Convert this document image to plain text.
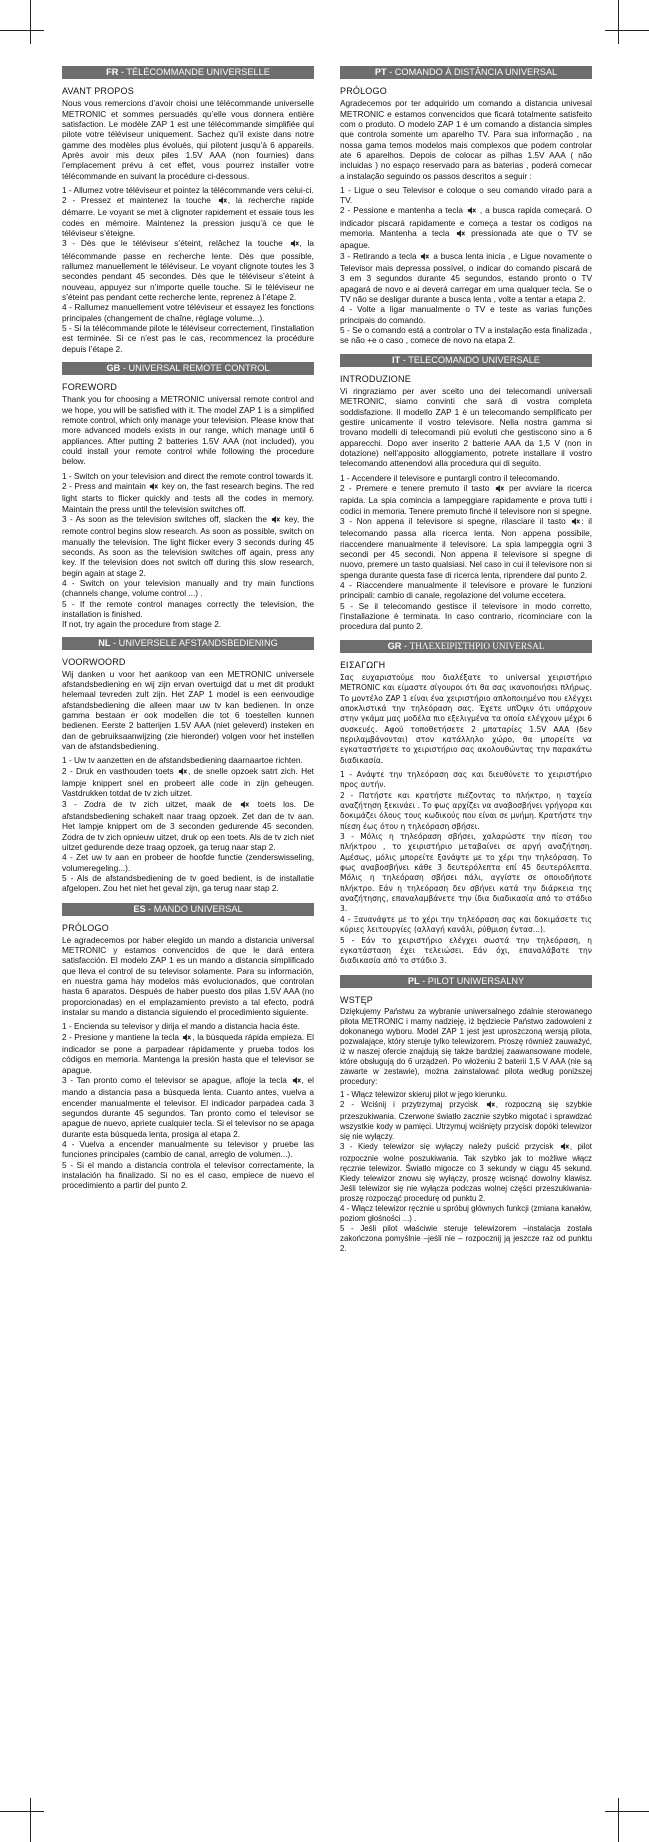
FR - TÉLÉCOMMANDE UNIVERSELLE
AVANT PROPOS

Nous vous remercions d’avoir choisi une télécommande universelle METRONIC et sommes persuadés qu’elle vous donnera entière satisfaction. Le modèle ZAP 1 est une télécommande simplifiée qui pilote votre téléviseur uniquement. Sachez qu’il existe dans notre gamme des modèles plus évolués, qui pilotent jusqu’à 6 appareils. Après avoir mis deux piles 1.5V AAA (non fournies) dans l’emplacement prévu à cet effet, vous pourrez installer votre télécommande en suivant la procédure ci-dessous.

1 - Allumez votre téléviseur et pointez la télécommande vers celui-ci.
2 - Pressez et maintenez la touche , la recherche rapide démarre. Le voyant se met à clignoter rapidement et essaie tous les codes en mémoire. Maintenez la pression jusqu’à ce que le téléviseur s’éteigne.
3 - Dès que le téléviseur s’éteint, relâchez la touche , la télécommande passe en recherche lente. Dès que possible, rallumez manuellement le téléviseur. Le voyant clignote toutes les 3 secondes pendant 45 secondes. Dès que le téléviseur s’éteint à nouveau, appuyez sur n’importe quelle touche. Si le téléviseur ne s’éteint pas pendant cette recherche lente, reprenez à l’étape 2.
4 - Rallumez manuellement votre téléviseur et essayez les fonctions principales (changement de chaîne, réglage volume...).
5 - Si la télécommande pilote le téléviseur correctement, l’installation est terminée. Si ce n’est pas le cas, recommencez la procédure depuis l’étape 2.
GB - UNIVERSAL REMOTE CONTROL
FOREWORD

Thank you for choosing a METRONIC universal remote control and we hope, you will be satisfied with it. The model ZAP 1 is a simplified remote control, which only manage your television. Please know that more advanced models exists in our range, which manage until 6 appliances. After putting 2 batteries 1.5V AAA (not included), you could install your remote control while following the procedure below.

1 - Switch on your television and direct the remote control towards it.
2 - Press and maintain key on, the fast research begins. The red light starts to flicker quickly and tests all the codes in memory. Maintain the press until the television switches off.
3 - As soon as the television switches off, slacken the key, the remote control begins slow research. As soon as possible, switch on manually the television. The light flicker every 3 seconds during 45 seconds. As soon as the television switches off again, press any key. If the television does not switch off during this slow research, begin again at stage 2.
4 - Switch on your television manually and try main functions (channels change, volume control ...) .
5 - If the remote control manages correctly the television, the installation is finished.
If not, try again the procedure from stage 2.
NL - UNIVERSELE AFSTANDSBEDIENING
VOORWOORD

Wij danken u voor het aankoop van een METRONIC universele afstandsbediening en wij zijn ervan overtuigd dat u met dit produkt helemaal tevreden zult zijn. Het ZAP 1 model is een eenvoudige afstandsbediening die alleen maar uw tv kan bedienen. In onze gamma bestaan er ook modellen die tot 6 toestellen kunnen bedienen. Eerste 2 batterijen 1.5V AAA (niet geleverd) insteken en dan de gebruiksaanwijzing (zie hieronder) volgen voor het instellen van de afstandsbediening.

1 - Uw tv aanzetten en de afstandsbediening daarnaartoe richten.
2 - Druk en vasthouden toets , de snelle opzoek satrt zich. Het lampje knippert snel en probeert alle code in zijn geheugen. Vastdrukken totdat de tv zich uitzet.
3 - Zodra de tv zich uitzet, maak de	toets los. De afstandsbediening schakelt naar traag opzoek. Zet dan de tv aan. Het lampje knippert om de 3 seconden gedurende 45 seconden. Zodra de tv zich opnieuw uitzet, druk op een toets. Als de tv zich niet uitzet gedurende deze traag opzoek, ga terug naar stap 2.
4 - Zet uw tv aan en probeer de hoofde functie (zenderswisseling, volumeregeling...).
5 - Als de afstandsbediening de tv goed bedient, is de installatie afgelopen. Zou het niet het geval zijn, ga terug naar stap 2.
ES - MANDO UNIVERSAL
PRÓLOGO

Le agradecemos por haber elegido un mando a distancia universal METRONIC y estamos convencidos de que le dará entera satisfacción. El modelo ZAP 1 es un mando a distancia simplificado que lleva el control de su televisor solamente. Para su información, en nuestra gama hay modelos más evolucionados, que controlan hasta 6 aparatos. Después de haber puesto dos pilas 1.5V AAA (no proporcionadas) en el emplazamiento previsto a tal efecto, podrá instalar su mando a distancia siguiendo el procedimiento siguiente.

1 - Encienda su televisor y dirija el mando a distancia hacia éste.
2 - Presione y mantiene la tecla , la búsqueda rápida empieza. El indicador se pone a parpadear rápidamente y prueba todos los códigos en memoria. Mantenga la presión hasta que el televisor se apague.
3 - Tan pronto como el televisor se apague, afloje la tecla , el mando a distancia pasa a búsqueda lenta. Cuanto antes, vuelva a encender manualmente el televisor. El indicador parpadea cada 3 segundos durante 45 segundos. Tan pronto como el televisor se apague de nuevo, apriete cualquier tecla. Si el televisor no se apaga durante esta búsqueda lenta, prosiga al etapa 2.
4 - Vuelva a encender manualmente su televisor y pruebe las funciones principales (cambio de canal, arreglo de volumen...).
5 - Si el mando a distancia controla el televisor correctamente, la instalación ha finalizado. Si no es el caso, empiece de nuevo el procedimiento a partir del punto 2.
PT - COMANDO À DISTÂNCIA UNIVERSAL
PRÓLOGO

Agradecemos por ter adquirido um comando a distancia univesal METRONIC e estamos convencidos que ficará totalmente satisfeito com o produto. O modelo ZAP 1 é um comando a distancia simples que controla somente um aparelho TV. Para sua informação , na nossa gama temos modelos mais complexos que podem controlar ate 6 aparelhos. Depois de colocar as pilhas 1.5V AAA ( não incluidas ) no espaço reservado para as baterias , poderá comecar a instalação seguindo os passos descritos a seguir :

1 - Ligue o seu Televisor e coloque o seu comando virado para a TV.
2 - Pessione e mantenha a tecla , a busca rapida começará. O indicador piscará rapidamente e começa a testar os codigos na memoria. Mantenha a tecla	pressionada ate que o TV se apague.
3 - Retirando a tecla a busca lenta inicia , e Ligue novamente o Televisor mais depressa possível, o indicar do comando piscará de 3 em 3 segundos durante 45 segundos, estando pronto o TV apagará de novo e ai deverá carregar em uma qualquer tecla. Se o TV não se desligar durante a busca lenta , volte a tentar a etapa 2.
4 - Volte a ligar manualmente o TV e teste as varias funções principais do comando.
5 - Se o comando está a controlar o TV a instalação esta finalizada , se não +e o caso , comece de novo na etapa 2.
IT - TELECOMANDO UNIVERSALE
INTRODUZIONE

Vi ringraziamo per aver scelto uno dei telecomandi universali METRONIC, siamo convinti che sarà di vostra completa soddisfazione. Il modello ZAP 1 è un telecomando semplificato per gestire unicamente il vostro televisore. Nella nostra gamma si trovano modelli di telecomandi più evoluti che gestiscono sino a 6 apparecchi. Dopo aver inserito 2 batterie AAA da 1,5 V (non in dotazione) nell’apposito alloggiamento, potrete installare il vostro telecomando attenendovi alla procedura qui di seguito.

1 - Accendere il televisore e puntargli contro il telecomando.
2 - Premere e tenere premuto il tasto per avviare la ricerca rapida. La spia comincia a lampeggiare rapidamente e prova tutti i codici in memoria. Tenere premuto finché il televisore non si spegne.
3 - Non appena il televisore si spegne, rilasciare il tasto : il telecomando passa alla ricerca lenta. Non appena possibile, riaccendere manualmente il televisore. La spia lampeggia ogni 3 secondi per 45 secondi. Non appena il televisore si spegne di nuovo, premere un tasto qualsiasi. Nel caso in cui il televisore non si spenga durante questa fase di ricerca lenta, riprendere dal punto 2.
4 - Riaccendere manualmente il televisore e provare le funzioni principali: cambio di canale, regolazione del volume eccetera.
5 - Se il telecomando gestisce il televisore in modo corretto, l’installazione è terminata. In caso contrario, ricominciare con la procedura dal punto 2.
GR - ΤΗΛΕΧΕΙΡΙΣΤΗΡΙΟ UNIVERSAL
ΕΙΣΑΓΩΓΗ

Σας ευχαριστούμε που διαλέξατε το universal χειριστήριο METRONIC και είμαστε σίγουροι ότι θα σας ικανοποιήσει πλήρως. Το μοντέλο ZAP 1 είναι ένα χειριστήριο απλοποιημένο που ελέγχει αποκλιστικά την τηλεόραση σας. Έχετε υπΌψιν ότι υπάρχουν στην γκάμα μας μοδέλα πιο εξελιγμένα τα οποία ελέγχουν μέχρι 6 συσκευές. Αφού τοποθετήσετε 2 μπαταρίες 1.5V AAA (δεν περιλαμβάνονται) στον κατάλληλο χώρο, θα μπορείτε να εγκαταστήσετε το χειριστήριο σας ακολουθώντας την παρακάτω διαδικασία.

1 - Ανάψτε την τηλεόραση σας και διευθύνετε το χειριστήριο προς αυτήν.
2 - Πατήστε και κρατήστε πιέζοντας το πλήκτρο, η ταχεία αναζήτηση ξεκινάει . Το φως αρχίζει να αναβοσβήνει γρήγορα και δοκιμάζει όλους τους κωδικούς που είναι σε μνήμη. Κρατήστε την πίεση έως ότου η τηλεόραση σβήσει.
3 - Μόλις η τηλεόραση σβήσει, χαλαρώστε την πίεση του πλήκτρου , το χειριστήριο μεταβαίνει σε αργή αναζήτηση. Αμέσως, μόλις μπορείτε ξανάψτε με το χέρι την τηλεόραση. Το φως αναβοσβήνει κάθε 3 δευτερόλεπτα επί 45 δευτερόλεπτα. Μόλις η τηλεόραση σβήσει πάλι, αγγίστε σε οποιοδήποτε πλήκτρο. Εάν η τηλεόραση δεν σβήνει κατά την διάρκεια της αναζήτησης, επαναλαμβάνετε την ίδια διαδικασία από το στάδιο 3.
4 - Ξανανάψτε με το χέρι την τηλεόραση σας και δοκιμάσετε τις κύριες λειτουργίες (αλλαγή κανάλι, ρύθμιση έντασ...).
5 - Εάν το χειριστήριο ελέγχει σωστά την τηλεόραση, η εγκατάσταση έχει τελειώσει. Εάν όχι, επαναλάβατε την διαδικασία από το στάδιο 3.
PL - PILOT UNIWERSALNY
WSTĘP

Dziękujemy Państwu za wybranie uniwersalnego zdalnie sterowanego pilota METRONIC i mamy nadzieję, iż będziecie Państwo zadowoleni z dokonanego wyboru. Model ZAP 1 jest jest uproszczoną wersją pilota, pozwalające, który steruje tylko telewizorem. Proszę również zauważyć, iż w naszej ofercie znajdują się także bardziej zaawansowane modele, które obsługują do 6 urządzeń. Po włożeniu 2 baterii 1,5 V AAA (nie są zawarte w zestawie), można zainstalować pilota według poniższej procedury:

1 - Włącz telewizor skieruj pilot w jego kierunku.
2 - Wciśnij i przytrzymaj przycisk , rozpoczną się szybkie przeszukiwania. Czerwone światło zacznie szybko migotać i sprawdzać wszystkie kody w pamięci. Utrzymuj wciśnięty przycisk dopóki telewizor się nie wyłączy.
3 - Kiedy telewizor się wyłączy należy puścić przycisk , pilot rozpocznie wolne poszukiwania. Tak szybko jak to możliwe włącz ręcznie telewizor. Światło migocze co 3 sekundy w ciągu 45 sekund. Kiedy telewizor znowu się wyłączy, proszę wcisnąć dowolny klawisz. Jeśli telewizor się nie wyłącza podczas wolnej części przeszukiwania- proszę rozpocząć procedurę od punktu 2.
4 - Włącz telewizor ręcznie u spróbuj głównych funkcji (zmiana kanałów, poziom głośności ...) .
5 - Jeśli pilot właściwie steruje telewizorem –instalacja została zakończona pomyślnie –jeśli nie – rozpocznij ją jeszcze raz od punktu 2.
